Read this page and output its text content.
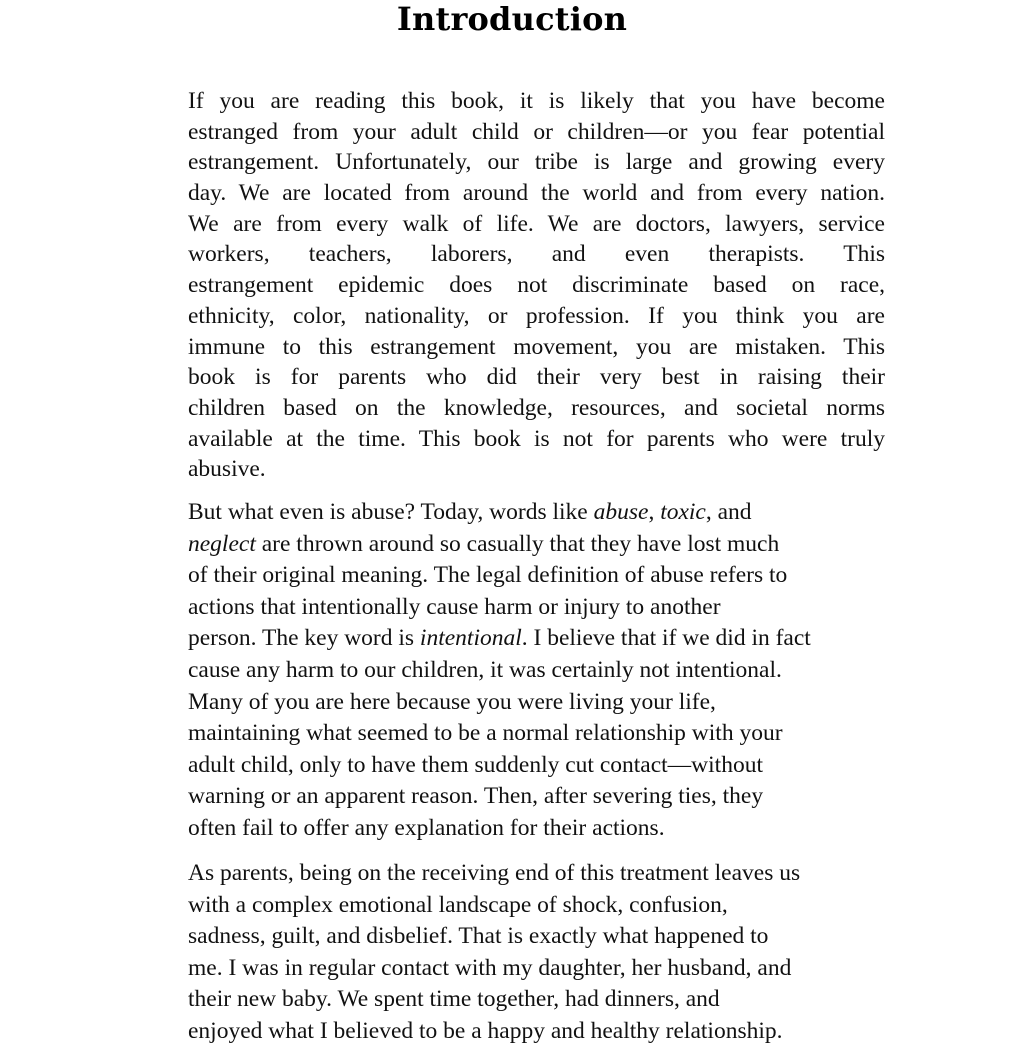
Introduction
If you are reading this book, it is likely that you have become
estranged from your adult child or children—or you fear potential
estrangement. Unfortunately, our tribe is large and growing every
day. We are located from around the world and from every nation.
We are from every walk of life. We are doctors, lawyers, service
workers, teachers, laborers, and even therapists. This
estrangement epidemic does not discriminate based on race,
ethnicity, color, nationality, or profession. If you think you are
immune to this estrangement movement, you are mistaken. This
book is for parents who did their very best in raising their
children based on the knowledge, resources, and societal norms
available at the time. This book is not for parents who were truly
abusive.
But what even is abuse? Today, words like abuse, toxic, and
neglect are thrown around so casually that they have lost much
of their original meaning. The legal definition of abuse refers to
actions that intentionally cause harm or injury to another
person. The key word is intentional. I believe that if we did in fact
cause any harm to our children, it was certainly not intentional.
Many of you are here because you were living your life,
maintaining what seemed to be a normal relationship with your
adult child, only to have them suddenly cut contact—without
warning or an apparent reason. Then, after severing ties, they
often fail to offer any explanation for their actions.
As parents, being on the receiving end of this treatment leaves us
with a complex emotional landscape of shock, confusion,
sadness, guilt, and disbelief. That is exactly what happened to
me. I was in regular contact with my daughter, her husband, and
their new baby. We spent time together, had dinners, and
enjoyed what I believed to be a happy and healthy relationship.
